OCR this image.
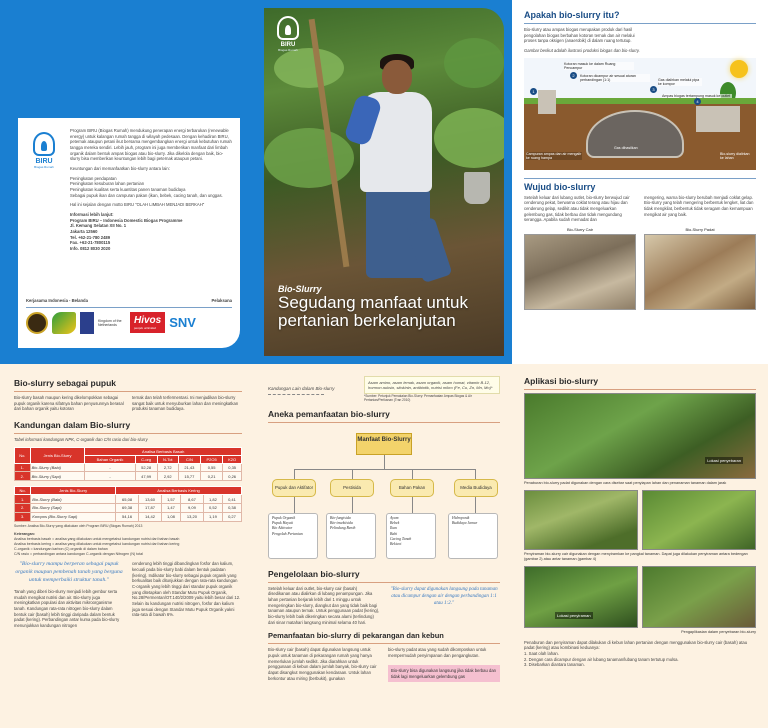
BIRU
Biogas Rumah

Program BIRU (Biogas Rumah) mendukung penerapan energi terbarukan (renewable energy) untuk kalangan rumah tangga di wilayah pedesaan. Dengan kehadiran BIRU, peternak ataupun petani ikut bersama mengembangkan energi untuk kebutuhan rumah tangga mereka sendiri. Lebih jauh, program ini juga memberikan manfaat dari limbah organik dalam bentuk ampas biogas atau bio-slurry. Jika dikelola dengan baik, bio-slurry bisa memberikan keuntungan lebih bagi peternak ataupun petani.

Keuntungan dari memanfaatkan bio-slurry antara lain:

Peningkatan pendapatan
Peningkatan kesuburan lahan pertanian
Peningkatan kualitas serta kuantitas panen tanaman budidaya
Sebagai pupuk ikan dan campuran pakan (ikan, bebek, cacing tanah, dan unggas.

Hal ini sejalan dengan motto BIRU "OLAH LIMBAH MENJADI BERKAH"

Informasi lebih lanjut:
Program BIRU – Indonesia Domestic Biogas Programme
Jl. Kemang Selatan XII No. 1
Jakarta 12560
Tel. +62-21-780 2489
Fax. +62-21-7800115
Info. 0812 8030 2020

Kerjasama Indonesia - Belanda	Pelaksana
Kingdom of the Netherlands	Hivos
people unlimited	SNV
BIRU
Biogas Rumah
Bio-Slurry
Segudang manfaat untuk pertanian berkelanjutan
Apakah bio-slurry itu?
Bio-slurry atau ampas biogas merupakan produk dari hasil pengolahan biogas berbahan kotoran ternak dan air melalui proses tanpa oksigen (anaerobik) di dalam ruang tertutup.
Gambar berikut adalah ilustrasi produksi biogas dan bio-slurry.
1
2
3
4
Kotoran masuk ke dalam Ruang Pencampur
Kotoran dicampur air sesuai aturan perbandingan (1:1)	Gas dialirkan melalui pipa ke kompor
Ampas biogas tertampung masuk ke outlet
Campuran ampas dan air mengalir ke ruang hampa
Gas dihasilkan
Bio-slurry dialirkan ke lahan
Wujud bio-slurry
Setelah keluar dari lubang outlet, bio-slurry berwujud cair cenderung pekat, berwarna coklat terang atau hijau dan cenderung gelap, sedikit atau tidak mengeluarkan gelembung gas, tidak berbau dan tidak mengundang serangga. Apabila sudah memadat dan
mengering, warna bio-slurry berubah menjadi coklat gelap. Bio-slurry yang telah mengering berbentuk lengket, liat dan tidak mengkilat, berbentuk tidak seragam dan kemampuan mengikat air yang baik.
Bio-Slurry Cair	Bio-Slurry Padat
Bio-slurry sebagai pupuk
Bio-slurry basah maupun kering dikelompokkan sebagai pupuk organik karena sifatnya bahan penyusunnya berasal dari bahan organik yaitu kotoran
ternak dan telah terfermentasi. Ini menjadikan bio-slurry sangat baik untuk menyuburkan lahan dan meningkatkan produksi tanaman budidaya.
Kandungan dalam Bio-slurry
Tabel informasi kandungan NPK, C-organik dan C/N rasio dari bio-slurry
No.	Jenis Bio-Slurry	Analisa Berbasis Basah					
		Bahan Organik	C-org	N-Tot	C/N	P2O5	K2O
1.	Bio-Slurry (Babi)	-	52,28	2,72	21,43	0,55	0,35
2.	Bio-Slurry (Sapi)	-	47,99	2,92	15,77	0,21	0,26
No.	Jenis Bio-Slurry	Analisa Berbasis Kering					
1.	Bio-Slurry (Babi)	65,08	13,60	1,57	8,67	1,82	0,41
2.	Bio-Slurry (Sapi)	69,38	17,87	1,47	9,09	0,52	0,38
3.	Kompos (Bio-Slurry Sapi)	54,16	14,42	1,08	13,20	1,19	0,27
Sumber: Analisa Bio-Slurry yang dilakukan oleh Program BIRU (Biogas Rumah) 2013
Keterangan:
Analisa berbasis basah = analisa yang dilakukan untuk mengetahui kandungan nutrisi dari bahan basah
Analisa berbasis kering = analisa yang dilakukan untuk mengetahui kandungan nutrisi dari bahan kering
C-organik = kandungan karbon (C) organik di dalam bahan
C/N rasio = perbandingan antara kandungan C-organik dengan Nitrogen (N) total
"Bio-slurry mampu berperan sebagai pupuk organik maupun pembenah tanah yang berguna untuk memperbaiki struktur tanah."
Tanah yang diberi bio-slurry menjadi lebih gembur serta mudah mengikat nutrisi dan air. Bio-slurry juga meningkatkan populasi dan aktivitas mikroorganisme tanah. Kandungan rata-rata nitrogen bio-slurry dalam bentuk cair (basah) lebih tinggi daripada dalam bentuk padat (kering). Perbandingan antar kuma pada bio-slurry menunjukkan kandungan nitrogen
cenderung lebih tinggi dibandingkan fosfor dan kalium, kecuali pada bio-slurry babi dalam bentuk padatan (kering). Indikator bio-slurry sebagai pupuk organik yang berkualitas baik ditunjukkan dengan rata-rata kandungan C-organik yang lebih tinggi dari standar pupuk organik yang ditetapkan oleh Standar Mutu Pupuk Organik, No.28/Permentan/OT.140/2/2009 yaitu lebih besar dari 12. Selain itu kandungan nutrisi nitrogen, fosfor dan kalium juga sesuai dengan Standar Mutu Pupuk Organik yakni rata-rata di bawah 6%.
Kandungan Lain dalam Bio-slurry
Asam amino, asam lemak, asam organik, asam humat, vitamin B-12, hormon auksin, sitokinin, antibiotik, nutrisi mikro (Fe, Cu, Zn, Mn, Mo)*
*Sumber: Petunjuk Pemakaian Bio-Slurry: Pemanfaatan Ampas Biogas & Air Pertanian/Perikanan (Tran 2010)
Aneka pemanfaatan bio-slurry
Manfaat Bio-Slurry
Pupuk dan Aktifator	Pestisida	Bahan Pakan	Media Budidaya
Pupuk Organik
Pupuk Hayati
Bio Aktivator
Pengolah Pertanian
Bio-fungisida
Bio-insektisida
Pelindung Benih
Ayam
Bebek
Ikan
Babi
Cacing Tanah
Bekicot
Hidroponik
Budidaya Jamur
Pengelolaan bio-slurry
Setelah keluar dari outlet, bio-slurry cair (basah) disedikanan atau dialirkan di lubang penampungan. Jika lahan pertanian berjarak lebih dari 1 minggu untuk mengeringkan bio-slurry, diangkut dan yang tidak baik bagi tanaman ataupun ternak. Untuk penggunaan padat (kering), bio-slurry lebih baik dikeringkan secara alami (terlindung) dari sinar matahari langsung minimal selama 40 hari.
"Bio-slurry dapat digunakan langsung pada tanaman atau dicampur dengan air dengan perbandingan 1:1 atau 1:2."
Pemanfaatan bio-slurry di pekarangan dan kebun
Bio-slurry cair (basah) dapat digunakan langsung untuk pupuk untuk tanaman di pekarangan rumah yang hanya memerlukan jumlah sedikit. Jika diarahkan untuk penggunaan di kebun dalam jumlah banyak, bio-slurry cair dapat disangkut menggunakan kendaraan. Untuk lahan berkontur atau miring (berbukit), gunakan
bio-slurry padat atau yang sudah dikomposkan untuk mempermudah penyimpanan dan pengangkutan.
Bio-slurry bisa digunakan langsung jika tidak berbau dan tidak lagi mengeluarkan gelembung gas
Aplikasi bio-slurry
Lokasi penyebaran
Penaburan bio-slurry padat digunakan dengan cara disebar saat penyiapan lahan dan penanaman tanaman dalam jarak
Penyiraman bio-slurry cair digunakan dengan menyiramkan ke pangkal tanaman. Dapat juga dilakukan penyiraman antara bedengan (gambar 2) atau antar tanaman (gambar 4)
Lokasi penyiraman
Pengaplikasian dalam penyebaran bio-slurry
Penaburan dan penyiraman dapat dilakukan di kebun lahan pertanian dengan menggunakan bio-slurry cair (basah) atau padat (kering) atau kombinasi keduanya:
1. Saat olah lahan.
2. Dengan cara dicampur dengan air lubang tanaman/lubang tanam tertutup mulsa.
3. Disebarkan diantara tanaman.
